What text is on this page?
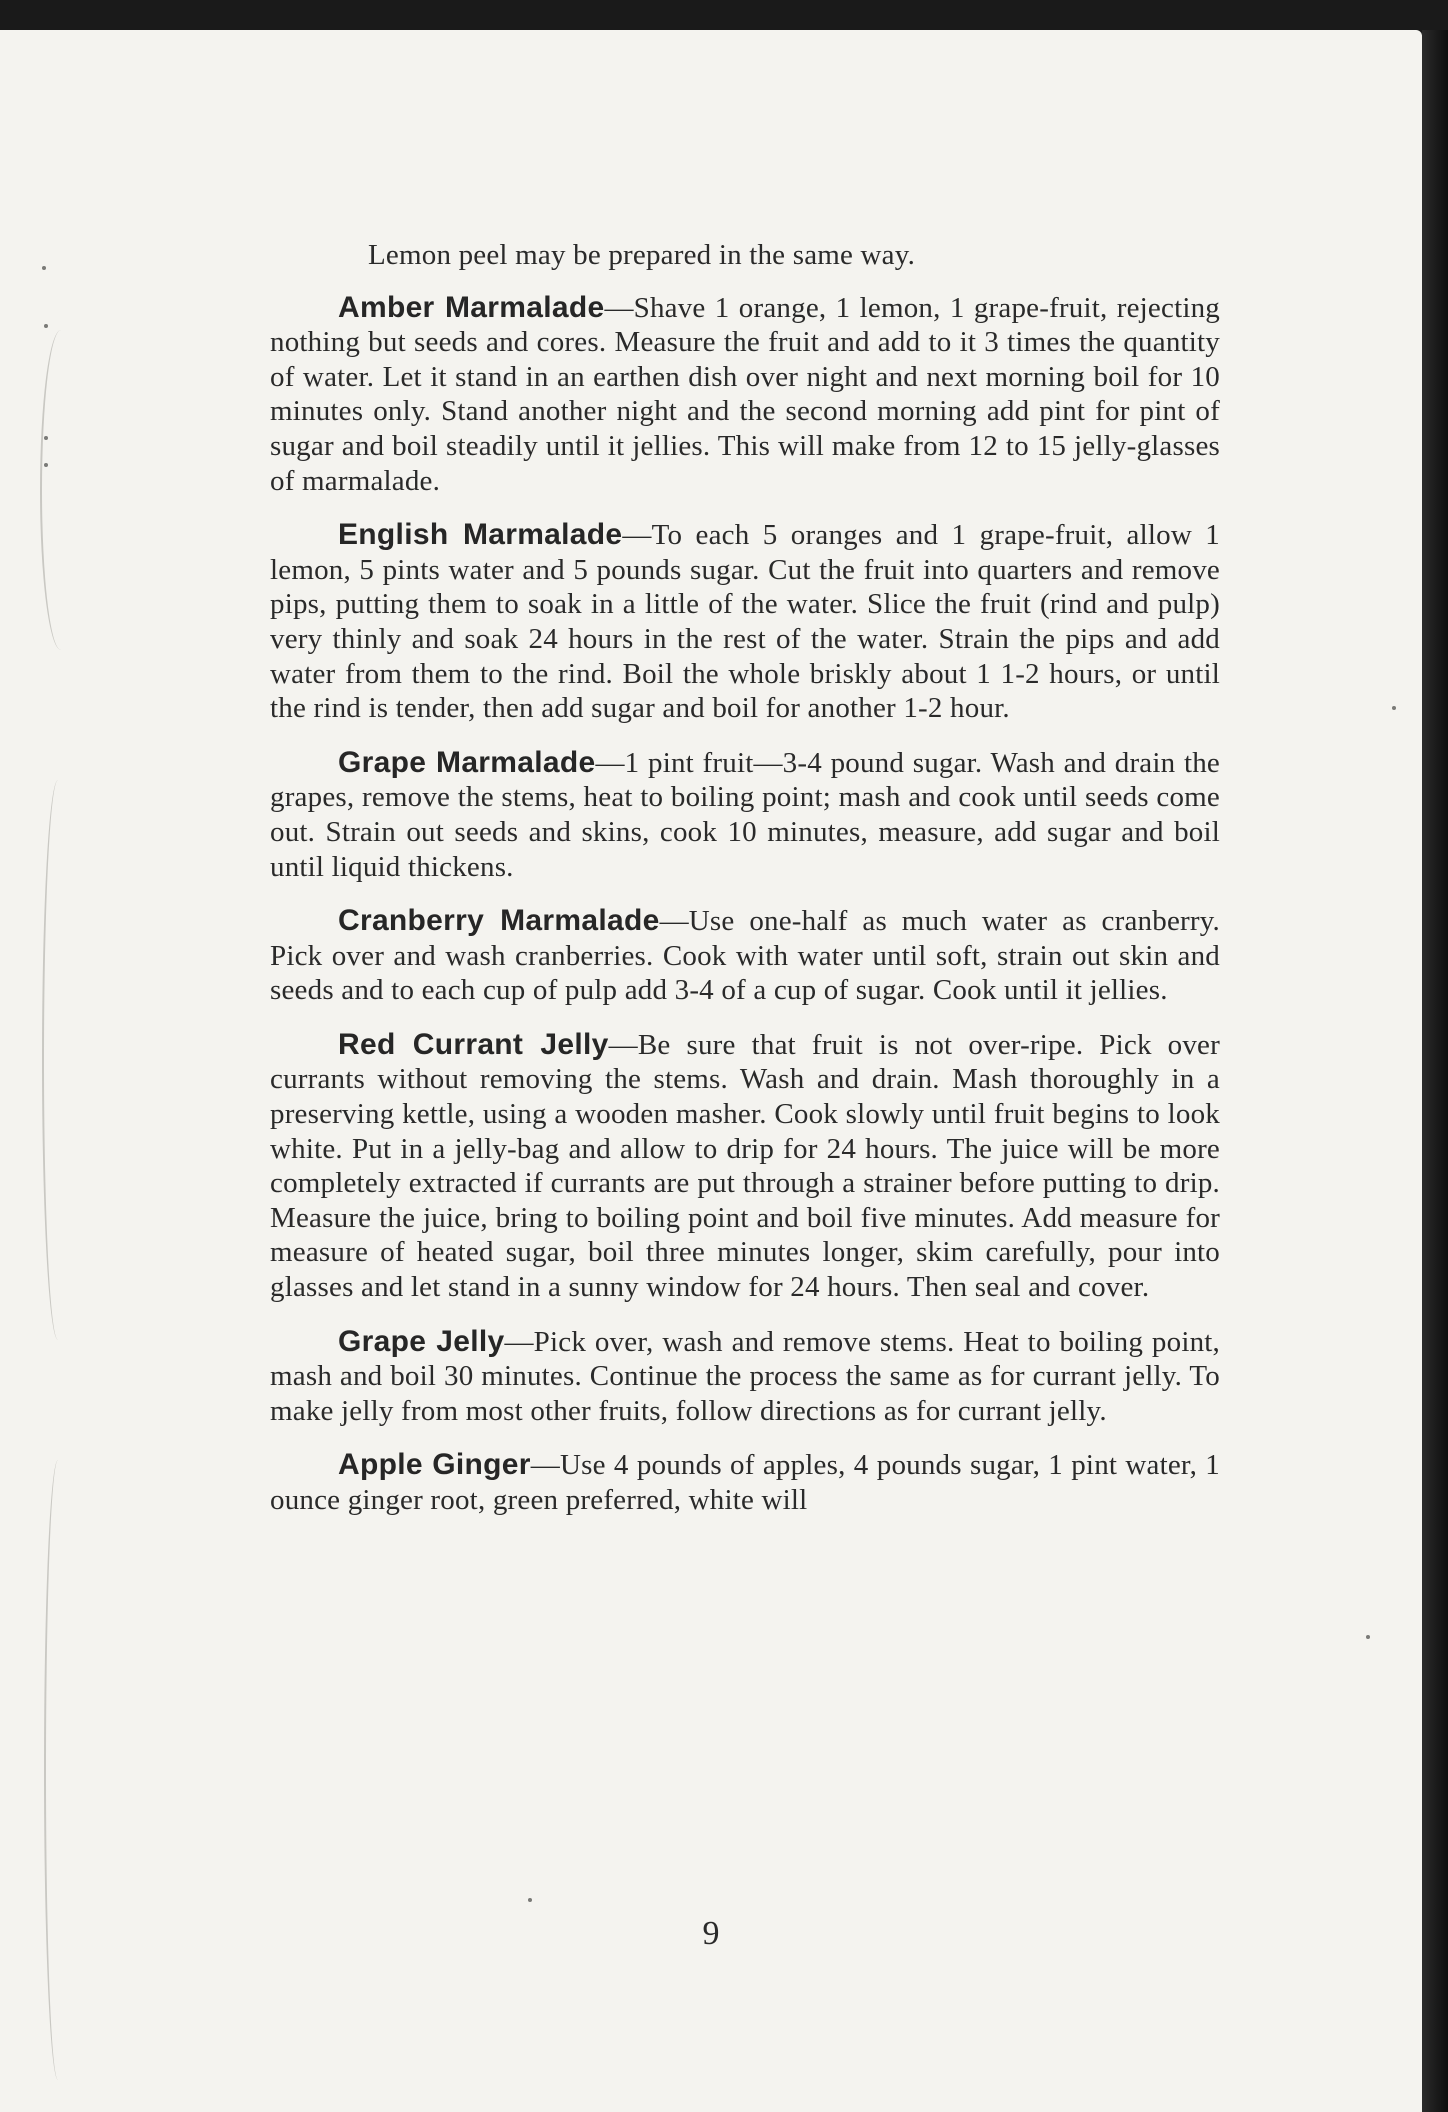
Lemon peel may be prepared in the same way.

Amber Marmalade—Shave 1 orange, 1 lemon, 1 grape-fruit, rejecting nothing but seeds and cores. Measure the fruit and add to it 3 times the quantity of water. Let it stand in an earthen dish over night and next morning boil for 10 minutes only. Stand another night and the second morning add pint for pint of sugar and boil steadily until it jellies. This will make from 12 to 15 jelly-glasses of marmalade.

English Marmalade—To each 5 oranges and 1 grape-fruit, allow 1 lemon, 5 pints water and 5 pounds sugar. Cut the fruit into quarters and remove pips, putting them to soak in a little of the water. Slice the fruit (rind and pulp) very thinly and soak 24 hours in the rest of the water. Strain the pips and add water from them to the rind. Boil the whole briskly about 1 1-2 hours, or until the rind is tender, then add sugar and boil for another 1-2 hour.

Grape Marmalade—1 pint fruit—3-4 pound sugar. Wash and drain the grapes, remove the stems, heat to boiling point; mash and cook until seeds come out. Strain out seeds and skins, cook 10 minutes, measure, add sugar and boil until liquid thickens.

Cranberry Marmalade—Use one-half as much water as cranberry. Pick over and wash cranberries. Cook with water until soft, strain out skin and seeds and to each cup of pulp add 3-4 of a cup of sugar. Cook until it jellies.

Red Currant Jelly—Be sure that fruit is not over-ripe. Pick over currants without removing the stems. Wash and drain. Mash thoroughly in a preserving kettle, using a wooden masher. Cook slowly until fruit begins to look white. Put in a jelly-bag and allow to drip for 24 hours. The juice will be more completely extracted if currants are put through a strainer before putting to drip. Measure the juice, bring to boiling point and boil five minutes. Add measure for measure of heated sugar, boil three minutes longer, skim carefully, pour into glasses and let stand in a sunny window for 24 hours. Then seal and cover.

Grape Jelly—Pick over, wash and remove stems. Heat to boiling point, mash and boil 30 minutes. Continue the process the same as for currant jelly. To make jelly from most other fruits, follow directions as for currant jelly.

Apple Ginger—Use 4 pounds of apples, 4 pounds sugar, 1 pint water, 1 ounce ginger root, green preferred, white will

9
